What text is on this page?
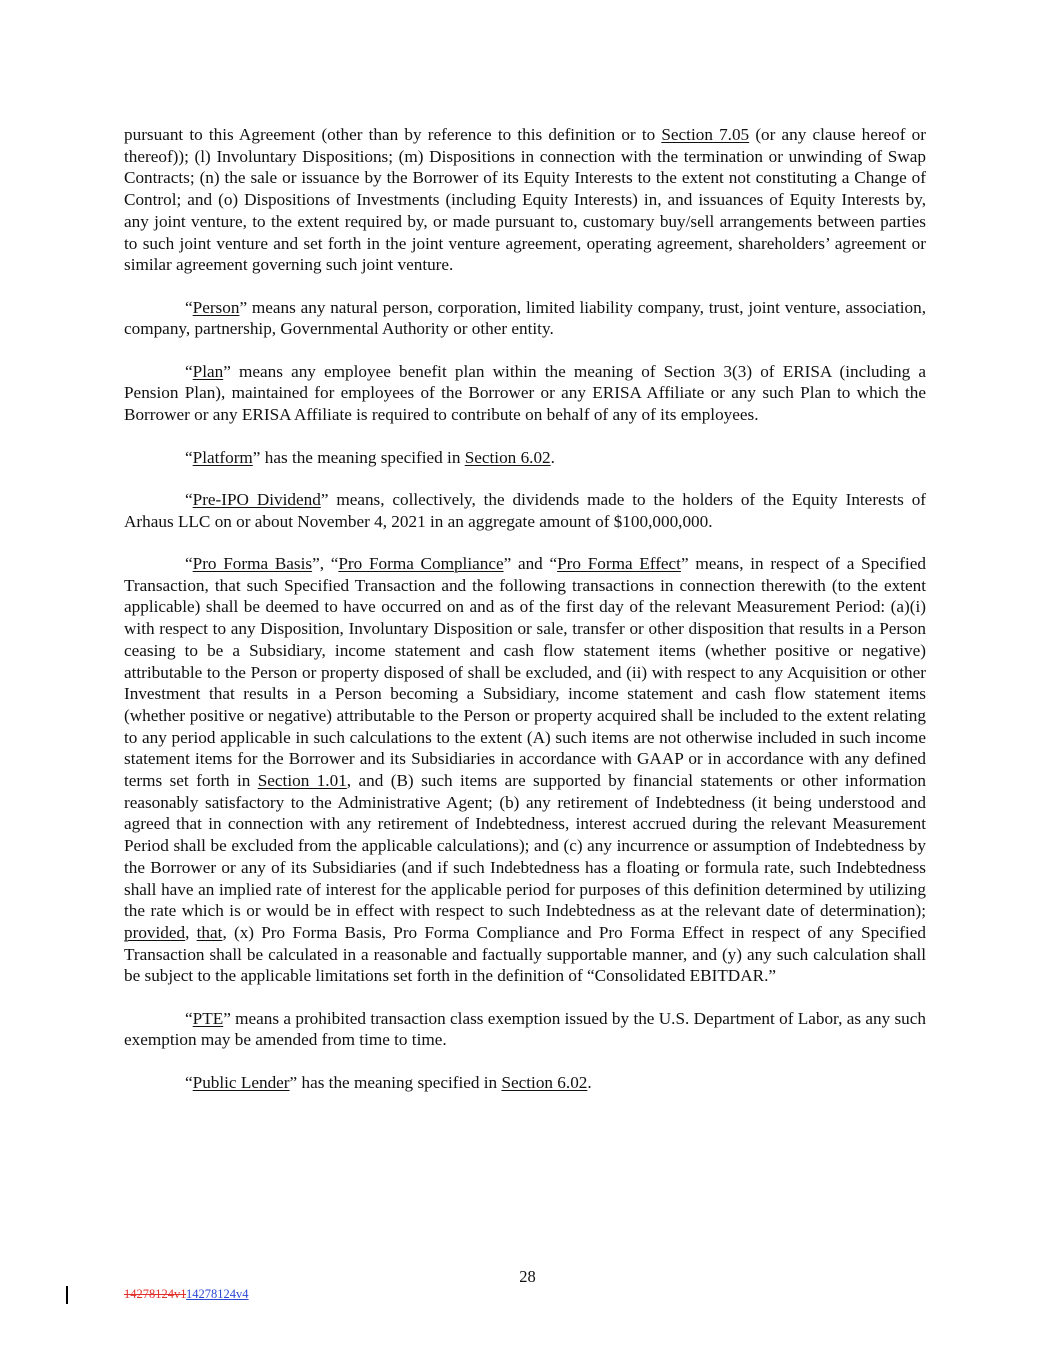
pursuant to this Agreement (other than by reference to this definition or to Section 7.05 (or any clause hereof or thereof)); (l) Involuntary Dispositions; (m) Dispositions in connection with the termination or unwinding of Swap Contracts; (n) the sale or issuance by the Borrower of its Equity Interests to the extent not constituting a Change of Control; and (o) Dispositions of Investments (including Equity Interests) in, and issuances of Equity Interests by, any joint venture, to the extent required by, or made pursuant to, customary buy/sell arrangements between parties to such joint venture and set forth in the joint venture agreement, operating agreement, shareholders’ agreement or similar agreement governing such joint venture.

“Person” means any natural person, corporation, limited liability company, trust, joint venture, association, company, partnership, Governmental Authority or other entity.

“Plan” means any employee benefit plan within the meaning of Section 3(3) of ERISA (including a Pension Plan), maintained for employees of the Borrower or any ERISA Affiliate or any such Plan to which the Borrower or any ERISA Affiliate is required to contribute on behalf of any of its employees.

“Platform” has the meaning specified in Section 6.02.

“Pre-IPO Dividend” means, collectively, the dividends made to the holders of the Equity Interests of Arhaus LLC on or about November 4, 2021 in an aggregate amount of $100,000,000.

“Pro Forma Basis”, “Pro Forma Compliance” and “Pro Forma Effect” means, in respect of a Specified Transaction, that such Specified Transaction and the following transactions in connection therewith (to the extent applicable) shall be deemed to have occurred on and as of the first day of the relevant Measurement Period: (a)(i) with respect to any Disposition, Involuntary Disposition or sale, transfer or other disposition that results in a Person ceasing to be a Subsidiary, income statement and cash flow statement items (whether positive or negative) attributable to the Person or property disposed of shall be excluded, and (ii) with respect to any Acquisition or other Investment that results in a Person becoming a Subsidiary, income statement and cash flow statement items (whether positive or negative) attributable to the Person or property acquired shall be included to the extent relating to any period applicable in such calculations to the extent (A) such items are not otherwise included in such income statement items for the Borrower and its Subsidiaries in accordance with GAAP or in accordance with any defined terms set forth in Section 1.01, and (B) such items are supported by financial statements or other information reasonably satisfactory to the Administrative Agent; (b) any retirement of Indebtedness (it being understood and agreed that in connection with any retirement of Indebtedness, interest accrued during the relevant Measurement Period shall be excluded from the applicable calculations); and (c) any incurrence or assumption of Indebtedness by the Borrower or any of its Subsidiaries (and if such Indebtedness has a floating or formula rate, such Indebtedness shall have an implied rate of interest for the applicable period for purposes of this definition determined by utilizing the rate which is or would be in effect with respect to such Indebtedness as at the relevant date of determination); provided, that, (x) Pro Forma Basis, Pro Forma Compliance and Pro Forma Effect in respect of any Specified Transaction shall be calculated in a reasonable and factually supportable manner, and (y) any such calculation shall be subject to the applicable limitations set forth in the definition of “Consolidated EBITDAR.”

“PTE” means a prohibited transaction class exemption issued by the U.S. Department of Labor, as any such exemption may be amended from time to time.

“Public Lender” has the meaning specified in Section 6.02.

28
14278124v114278124v4
